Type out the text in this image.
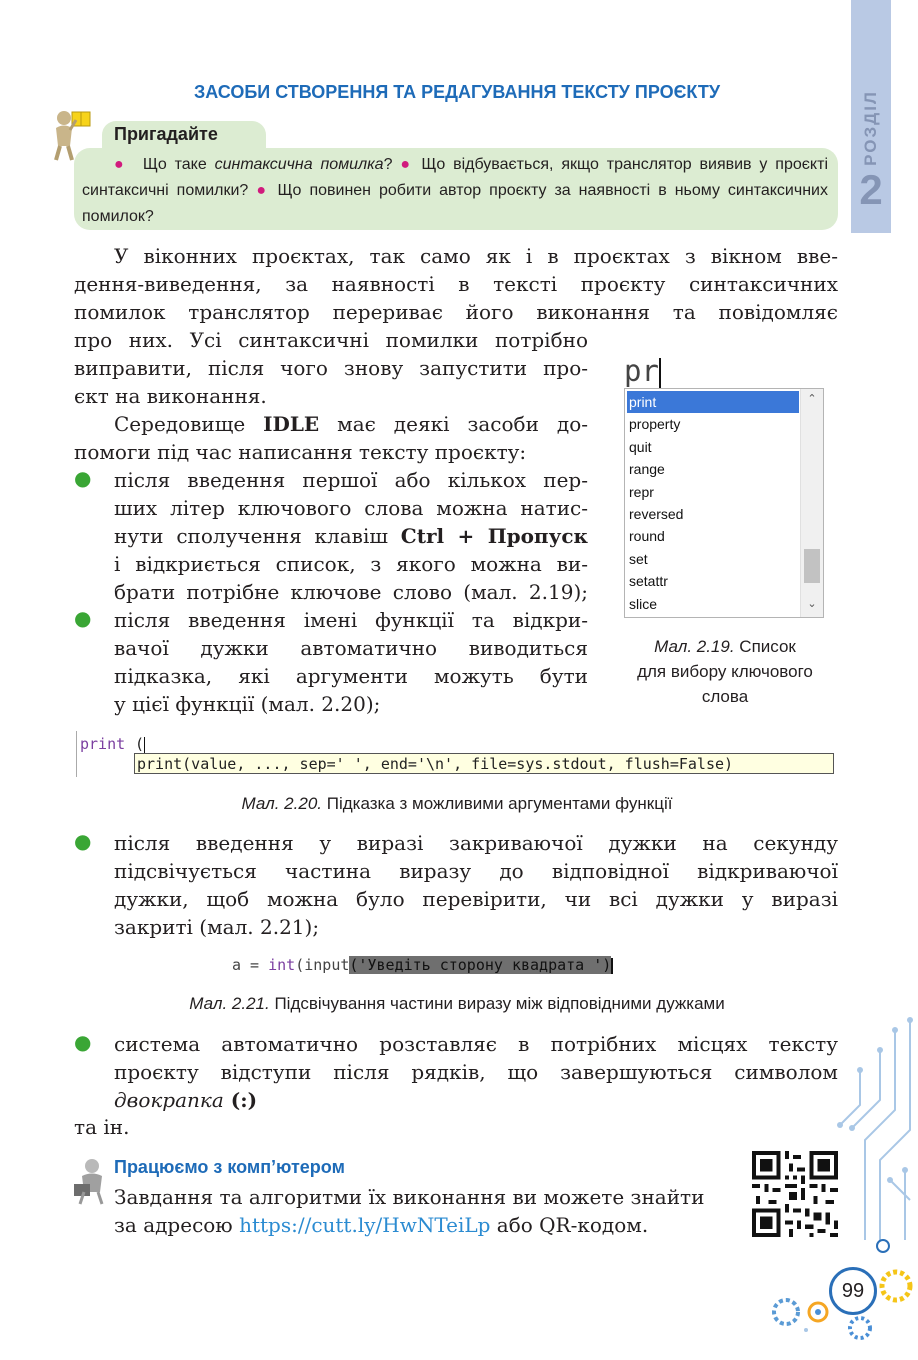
РОЗДІЛ
2
ЗАСОБИ СТВОРЕННЯ ТА РЕДАГУВАННЯ ТЕКСТУ ПРОЄКТУ
Пригадайте
● Що таке синтаксична помилка? ● Що відбувається, якщо транслятор виявив у проєкті синтаксичні помилки? ● Що повинен робити автор проєкту за наявності в ньому синтаксичних помилок?
У віконних проєктах, так само як і в проєктах з вікном вве-
дення-виведення, за наявності в тексті проєкту синтаксичних
помилок транслятор перериває його виконання та повідомляє
про них. Усі синтаксичні помилки потрібно
виправити, після чого знову запустити про-
єкт на виконання.
Середовище IDLE має деякі засоби до-
помоги під час написання тексту проєкту:
● після введення першої або кількох пер-
ших літер ключового слова можна натис-
нути сполучення клавіш Ctrl + Пропуск
і відкриється список, з якого можна ви-
брати потрібне ключове слово (мал. 2.19);
● після введення імені функції та відкри-
вачої дужки автоматично виводиться
підказка, які аргументи можуть бути
у цієї функції (мал. 2.20);
pr
print
property
quit
range
repr
reversed
round
set
setattr
slice
⌃
⌄
Мал. 2.19. Список
для вибору ключового
слова
print (
print(value, ..., sep=' ', end='\n', file=sys.stdout, flush=False)
Мал. 2.20. Підказка з можливими аргументами функції
● після введення у виразі закриваючої дужки на секунду
підсвічується частина виразу до відповідної відкриваючої
дужки, щоб можна було перевірити, чи всі дужки у виразі
закриті (мал. 2.21);
a = int(input('Уведіть сторону квадрата ')
Мал. 2.21. Підсвічування частини виразу між відповідними дужками
● система автоматично розставляє в потрібних місцях тексту
проєкту відступи після рядків, що завершуються символом
двокрапка (:)
та ін.
Працюємо з комп’ютером
Завдання та алгоритми їх виконання ви можете знайти
за адресою https://cutt.ly/HwNTeiLp або QR-кодом.
99
